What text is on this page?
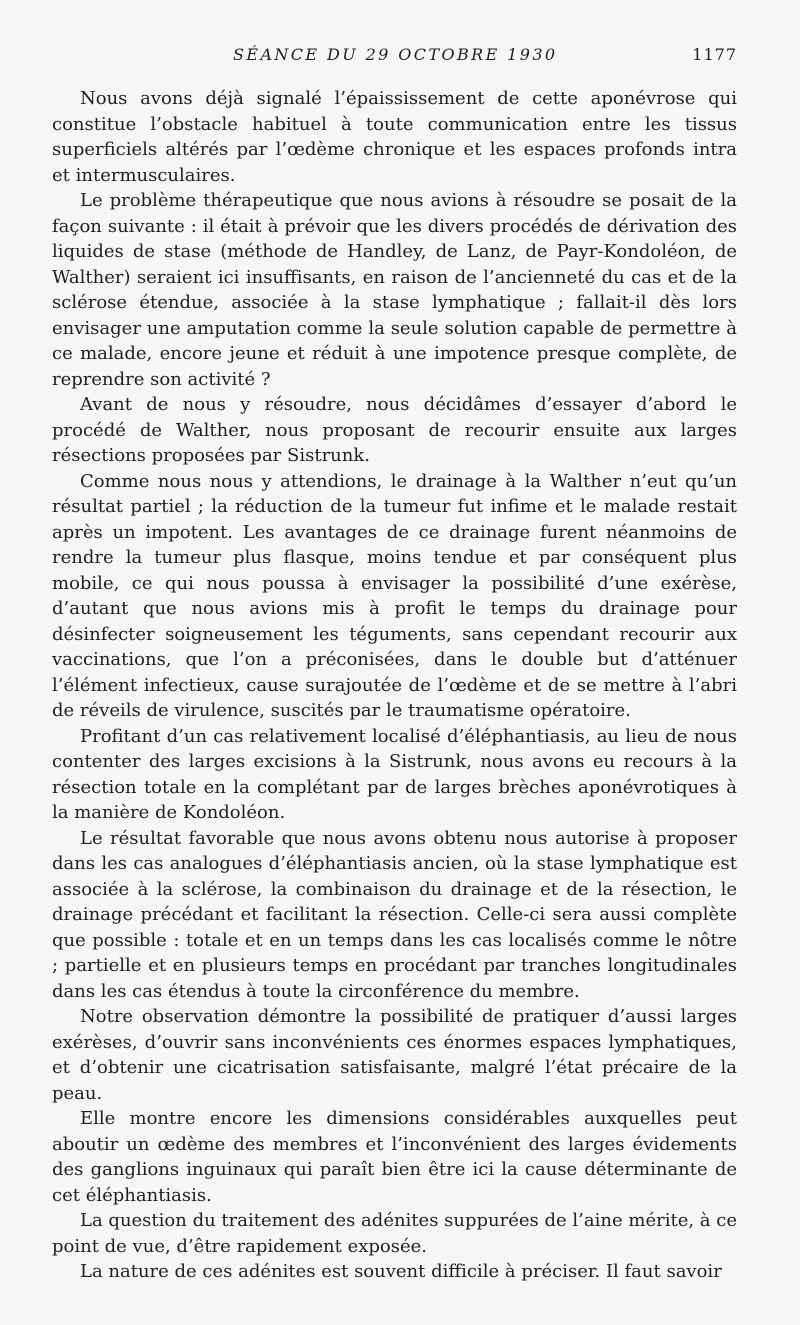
SÉANCE DU 29 OCTOBRE 1930	1177

Nous avons déjà signalé l’épaississement de cette aponévrose qui constitue l’obstacle habituel à toute communication entre les tissus superficiels altérés par l’œdème chronique et les espaces profonds intra et intermusculaires.

Le problème thérapeutique que nous avions à résoudre se posait de la façon suivante : il était à prévoir que les divers procédés de dérivation des liquides de stase (méthode de Handley, de Lanz, de Payr-Kondoléon, de Walther) seraient ici insuffisants, en raison de l’ancienneté du cas et de la sclérose étendue, associée à la stase lymphatique ; fallait-il dès lors envisager une amputation comme la seule solution capable de permettre à ce malade, encore jeune et réduit à une impotence presque complète, de reprendre son activité ?

Avant de nous y résoudre, nous décidâmes d’essayer d’abord le procédé de Walther, nous proposant de recourir ensuite aux larges résections proposées par Sistrunk.

Comme nous nous y attendions, le drainage à la Walther n’eut qu’un résultat partiel ; la réduction de la tumeur fut infime et le malade restait après un impotent. Les avantages de ce drainage furent néanmoins de rendre la tumeur plus flasque, moins tendue et par conséquent plus mobile, ce qui nous poussa à envisager la possibilité d’une exérèse, d’autant que nous avions mis à profit le temps du drainage pour désinfecter soigneusement les téguments, sans cependant recourir aux vaccinations, que l’on a préconisées, dans le double but d’atténuer l’élément infectieux, cause surajoutée de l’œdème et de se mettre à l’abri de réveils de virulence, suscités par le traumatisme opératoire.

Profitant d’un cas relativement localisé d’éléphantiasis, au lieu de nous contenter des larges excisions à la Sistrunk, nous avons eu recours à la résection totale en la complétant par de larges brèches aponévrotiques à la manière de Kondoléon.

Le résultat favorable que nous avons obtenu nous autorise à proposer dans les cas analogues d’éléphantiasis ancien, où la stase lymphatique est associée à la sclérose, la combinaison du drainage et de la résection, le drainage précédant et facilitant la résection. Celle-ci sera aussi complète que possible : totale et en un temps dans les cas localisés comme le nôtre ; partielle et en plusieurs temps en procédant par tranches longitudinales dans les cas étendus à toute la circonférence du membre.

Notre observation démontre la possibilité de pratiquer d’aussi larges exérèses, d’ouvrir sans inconvénients ces énormes espaces lymphatiques, et d’obtenir une cicatrisation satisfaisante, malgré l’état précaire de la peau.

Elle montre encore les dimensions considérables auxquelles peut aboutir un œdème des membres et l’inconvénient des larges évidements des ganglions inguinaux qui paraît bien être ici la cause déterminante de cet éléphantiasis.

La question du traitement des adénites suppurées de l’aine mérite, à ce point de vue, d’être rapidement exposée.

La nature de ces adénites est souvent difficile à préciser. Il faut savoir
